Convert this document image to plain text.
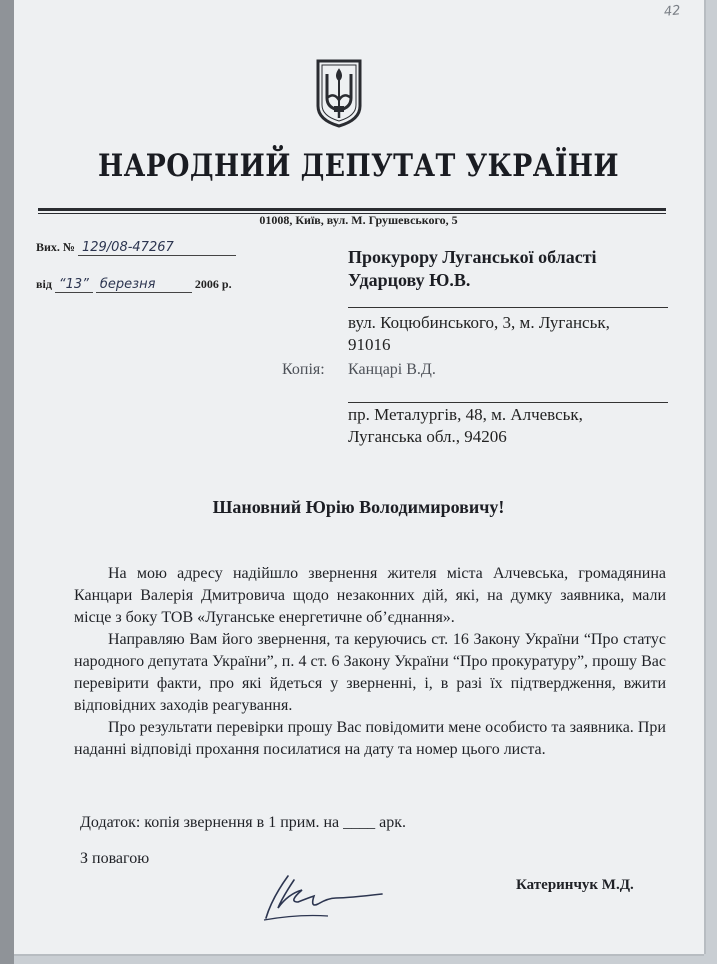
42
НАРОДНИЙ ДЕПУТАТ УКРАЇНИ
01008, Київ, вул. М. Грушевського, 5
Вих. № 129/08-47267
від “13” березня	2006 р.
Прокурору Луганської області
Ударцову Ю.В.
вул. Коцюбинського, 3, м. Луганськ,
91016
Копія: Канцарі В.Д.
пр. Металургів, 48, м. Алчевськ,
Луганська обл., 94206
Шановний Юрію Володимировичу!

На мою адресу надійшло звернення жителя міста Алчевська, громадянина Канцари Валерія Дмитровича щодо незаконних дій, які, на думку заявника, мали місце з боку ТОВ «Луганське енергетичне об’єднання».

Направляю Вам його звернення, та керуючись ст. 16 Закону України “Про статус народного депутата України”, п. 4 ст. 6 Закону України “Про прокуратуру”, прошу Вас перевірити факти, про які йдеться у зверненні, і, в разі їх підтвердження, вжити відповідних заходів реагування.

Про результати перевірки прошу Вас повідомити мене особисто та заявника. При наданні відповіді прохання посилатися на дату та номер цього листа.

Додаток: копія звернення в 1 прим. на ____ арк.
З повагою
Катеринчук М.Д.
